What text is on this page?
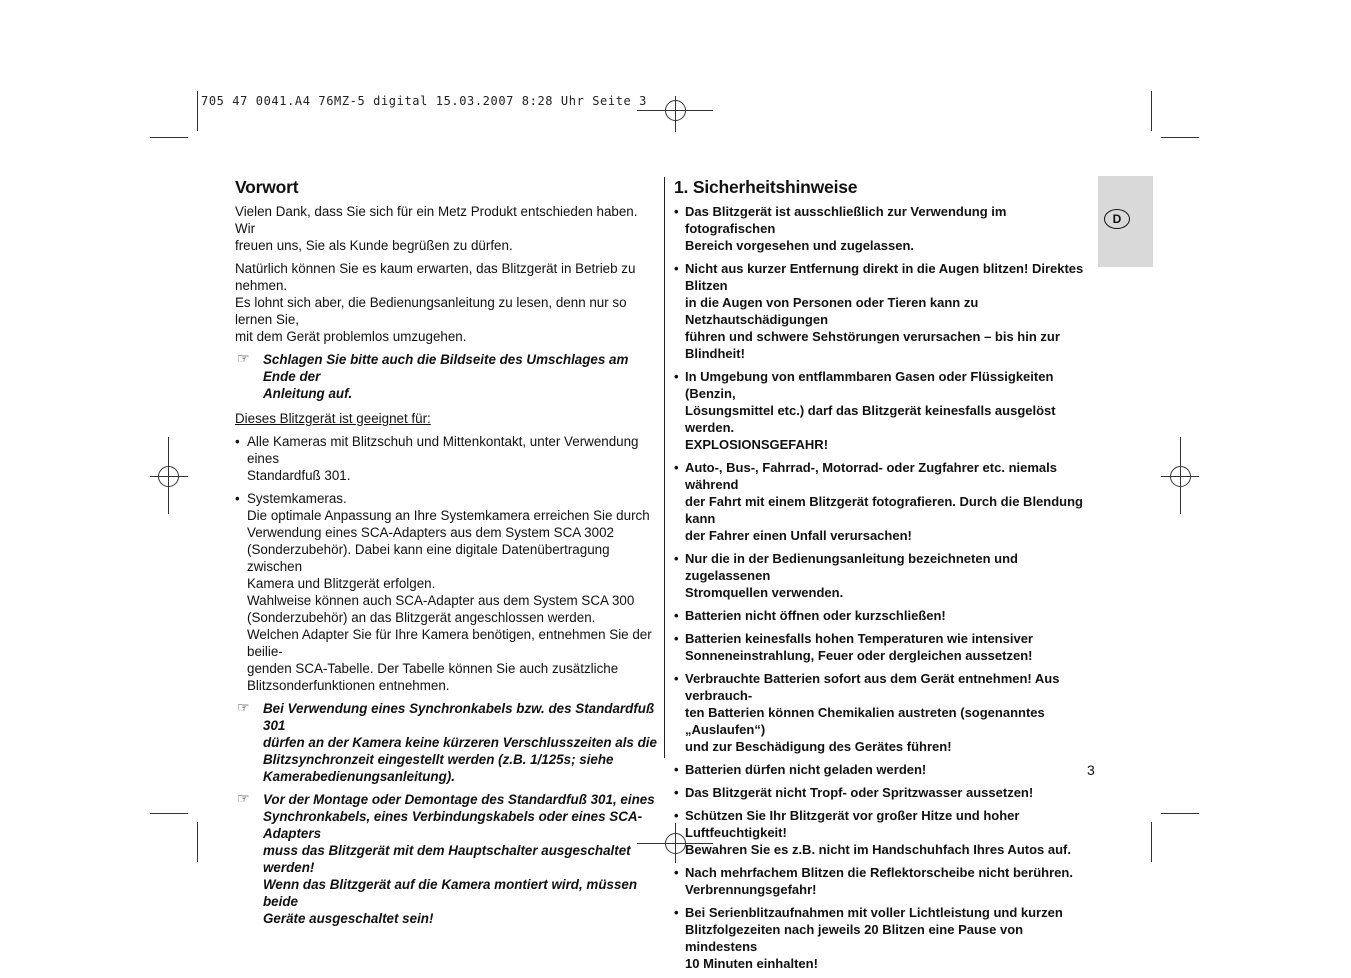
705 47 0041.A4 76MZ-5 digital 15.03.2007 8:28 Uhr Seite 3
Vorwort

Vielen Dank, dass Sie sich für ein Metz Produkt entschieden haben. Wir
freuen uns, Sie als Kunde begrüßen zu dürfen.

Natürlich können Sie es kaum erwarten, das Blitzgerät in Betrieb zu nehmen.
Es lohnt sich aber, die Bedienungsanleitung zu lesen, denn nur so lernen Sie,
mit dem Gerät problemlos umzugehen.

☞ Schlagen Sie bitte auch die Bildseite des Umschlages am Ende der
Anleitung auf.
Dieses Blitzgerät ist geeignet für:
• Alle Kameras mit Blitzschuh und Mittenkontakt, unter Verwendung eines
Standardfuß 301.
• Systemkameras.
Die optimale Anpassung an Ihre Systemkamera erreichen Sie durch
Verwendung eines SCA-Adapters aus dem System SCA 3002
(Sonderzubehör). Dabei kann eine digitale Datenübertragung zwischen
Kamera und Blitzgerät erfolgen.
Wahlweise können auch SCA-Adapter aus dem System SCA 300
(Sonderzubehör) an das Blitzgerät angeschlossen werden.
Welchen Adapter Sie für Ihre Kamera benötigen, entnehmen Sie der beilie-
genden SCA-Tabelle. Der Tabelle können Sie auch zusätzliche
Blitzsonderfunktionen entnehmen.
☞ Bei Verwendung eines Synchronkabels bzw. des Standardfuß 301
dürfen an der Kamera keine kürzeren Verschlusszeiten als die
Blitzsynchronzeit eingestellt werden (z.B. 1/125s; siehe
Kamerabedienungsanleitung).
☞ Vor der Montage oder Demontage des Standardfuß 301, eines
Synchronkabels, eines Verbindungskabels oder eines SCA-Adapters
muss das Blitzgerät mit dem Hauptschalter ausgeschaltet werden!
Wenn das Blitzgerät auf die Kamera montiert wird, müssen beide
Geräte ausgeschaltet sein!
1. Sicherheitshinweise
• Das Blitzgerät ist ausschließlich zur Verwendung im fotografischen
Bereich vorgesehen und zugelassen.
• Nicht aus kurzer Entfernung direkt in die Augen blitzen! Direktes Blitzen
in die Augen von Personen oder Tieren kann zu Netzhautschädigungen
führen und schwere Sehstörungen verursachen – bis hin zur Blindheit!
• In Umgebung von entflammbaren Gasen oder Flüssigkeiten (Benzin,
Lösungsmittel etc.) darf das Blitzgerät keinesfalls ausgelöst werden.
EXPLOSIONSGEFAHR!
• Auto-, Bus-, Fahrrad-, Motorrad- oder Zugfahrer etc. niemals während
der Fahrt mit einem Blitzgerät fotografieren. Durch die Blendung kann
der Fahrer einen Unfall verursachen!
• Nur die in der Bedienungsanleitung bezeichneten und zugelassenen
Stromquellen verwenden.
• Batterien nicht öffnen oder kurzschließen!
• Batterien keinesfalls hohen Temperaturen wie intensiver
Sonneneinstrahlung, Feuer oder dergleichen aussetzen!
• Verbrauchte Batterien sofort aus dem Gerät entnehmen! Aus verbrauch-
ten Batterien können Chemikalien austreten (sogenanntes „Auslaufen“)
und zur Beschädigung des Gerätes führen!
• Batterien dürfen nicht geladen werden!
• Das Blitzgerät nicht Tropf- oder Spritzwasser aussetzen!
• Schützen Sie Ihr Blitzgerät vor großer Hitze und hoher Luftfeuchtigkeit!
Bewahren Sie es z.B. nicht im Handschuhfach Ihres Autos auf.
• Nach mehrfachem Blitzen die Reflektorscheibe nicht berühren.
Verbrennungsgefahr!
• Bei Serienblitzaufnahmen mit voller Lichtleistung und kurzen
Blitzfolgezeiten nach jeweils 20 Blitzen eine Pause von mindestens
10 Minuten einhalten!
D
3
